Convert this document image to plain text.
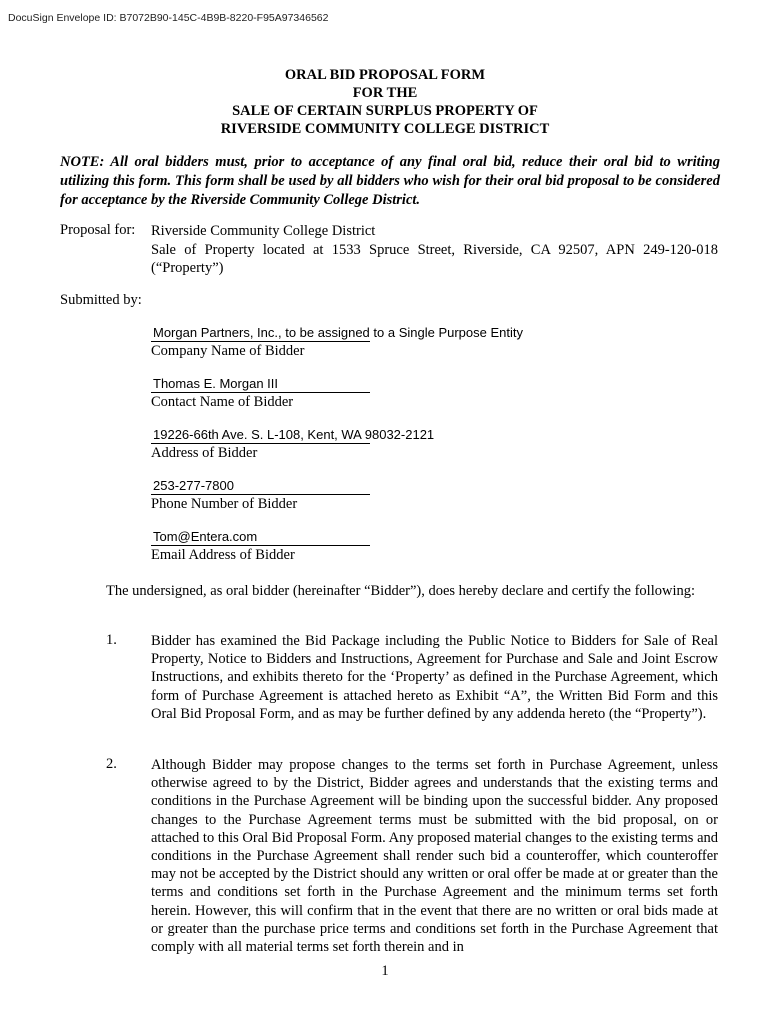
DocuSign Envelope ID: B7072B90-145C-4B9B-8220-F95A97346562
ORAL BID PROPOSAL FORM
FOR THE
SALE OF CERTAIN SURPLUS PROPERTY OF
RIVERSIDE COMMUNITY COLLEGE DISTRICT
NOTE: All oral bidders must, prior to acceptance of any final oral bid, reduce their oral bid to writing utilizing this form. This form shall be used by all bidders who wish for their oral bid proposal to be considered for acceptance by the Riverside Community College District.
Proposal for: Riverside Community College District
Sale of Property located at 1533 Spruce Street, Riverside, CA 92507, APN 249-120-018
(“Property”)
Submitted by:
Morgan Partners, Inc., to be assigned to a Single Purpose Entity
Company Name of Bidder
Thomas E. Morgan III
Contact Name of Bidder
19226-66th Ave. S. L-108, Kent, WA 98032-2121
Address of Bidder
253-277-7800
Phone Number of Bidder
Tom@Entera.com
Email Address of Bidder
The undersigned, as oral bidder (hereinafter “Bidder”), does hereby declare and certify the following:
1. Bidder has examined the Bid Package including the Public Notice to Bidders for Sale of Real Property, Notice to Bidders and Instructions, Agreement for Purchase and Sale and Joint Escrow Instructions, and exhibits thereto for the ‘Property’ as defined in the Purchase Agreement, which form of Purchase Agreement is attached hereto as Exhibit “A”, the Written Bid Form and this Oral Bid Proposal Form, and as may be further defined by any addenda hereto (the “Property”).
2. Although Bidder may propose changes to the terms set forth in Purchase Agreement, unless otherwise agreed to by the District, Bidder agrees and understands that the existing terms and conditions in the Purchase Agreement will be binding upon the successful bidder. Any proposed changes to the Purchase Agreement terms must be submitted with the bid proposal, on or attached to this Oral Bid Proposal Form. Any proposed material changes to the existing terms and conditions in the Purchase Agreement shall render such bid a counteroffer, which counteroffer may not be accepted by the District should any written or oral offer be made at or greater than the terms and conditions set forth in the Purchase Agreement and the minimum terms set forth herein. However, this will confirm that in the event that there are no written or oral bids made at or greater than the purchase price terms and conditions set forth in the Purchase Agreement that comply with all material terms set forth therein and in
1
